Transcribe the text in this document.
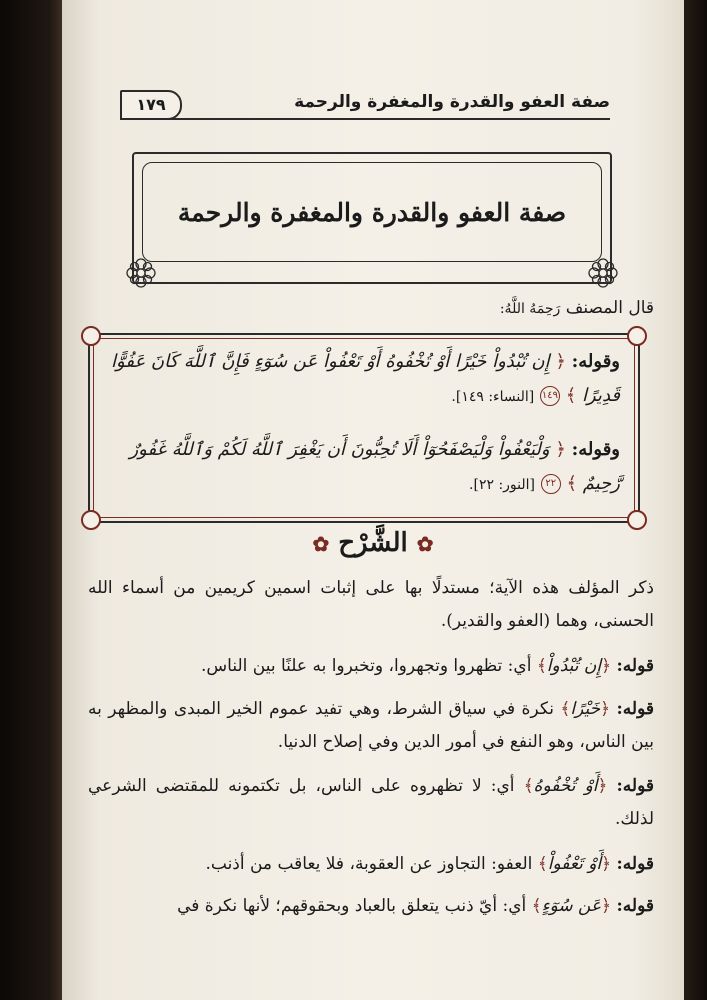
صفة العفو والقدرة والمغفرة والرحمة
١٧٩
صفة العفو والقدرة والمغفرة والرحمة
قال المصنف رَحِمَهُ اللَّهُ:
وقوله: ﴿ إِن تُبْدُواْ خَيْرًا أَوْ تُخْفُوهُ أَوْ تَعْفُواْ عَن سُوٓءٍ فَإِنَّ ٱللَّهَ كَانَ عَفُوًّا قَدِيرًا ﴾ ١٤٩ [النساء: ١٤٩].
وقوله: ﴿ وَلْيَعْفُواْ وَلْيَصْفَحُوٓاْ أَلَا تُحِبُّونَ أَن يَغْفِرَ ٱللَّهُ لَكُمْ وَٱللَّهُ غَفُورٌ رَّحِيمٌ ﴾ ٢٢ [النور: ٢٢].
✿ الشَّرْح ✿
ذكر المؤلف هذه الآية؛ مستدلًا بها على إثبات اسمين كريمين من أسماء الله الحسنى، وهما (العفو والقدير).
قوله: ﴿إِن تُبْدُواْ﴾ أي: تظهروا وتجهروا، وتخبروا به علنًا بين الناس.
قوله: ﴿خَيْرًا﴾ نكرة في سياق الشرط، وهي تفيد عموم الخير المبدى والمظهر به بين الناس، وهو النفع في أمور الدين وفي إصلاح الدنيا.
قوله: ﴿أَوْ تُخْفُوهُ﴾ أي: لا تظهروه على الناس، بل تكتمونه للمقتضى الشرعي لذلك.
قوله: ﴿أَوْ تَعْفُواْ﴾ العفو: التجاوز عن العقوبة، فلا يعاقب من أذنب.
قوله: ﴿عَن سُوٓءٍ﴾ أي: أيّ ذنب يتعلق بالعباد وبحقوقهم؛ لأنها نكرة في
